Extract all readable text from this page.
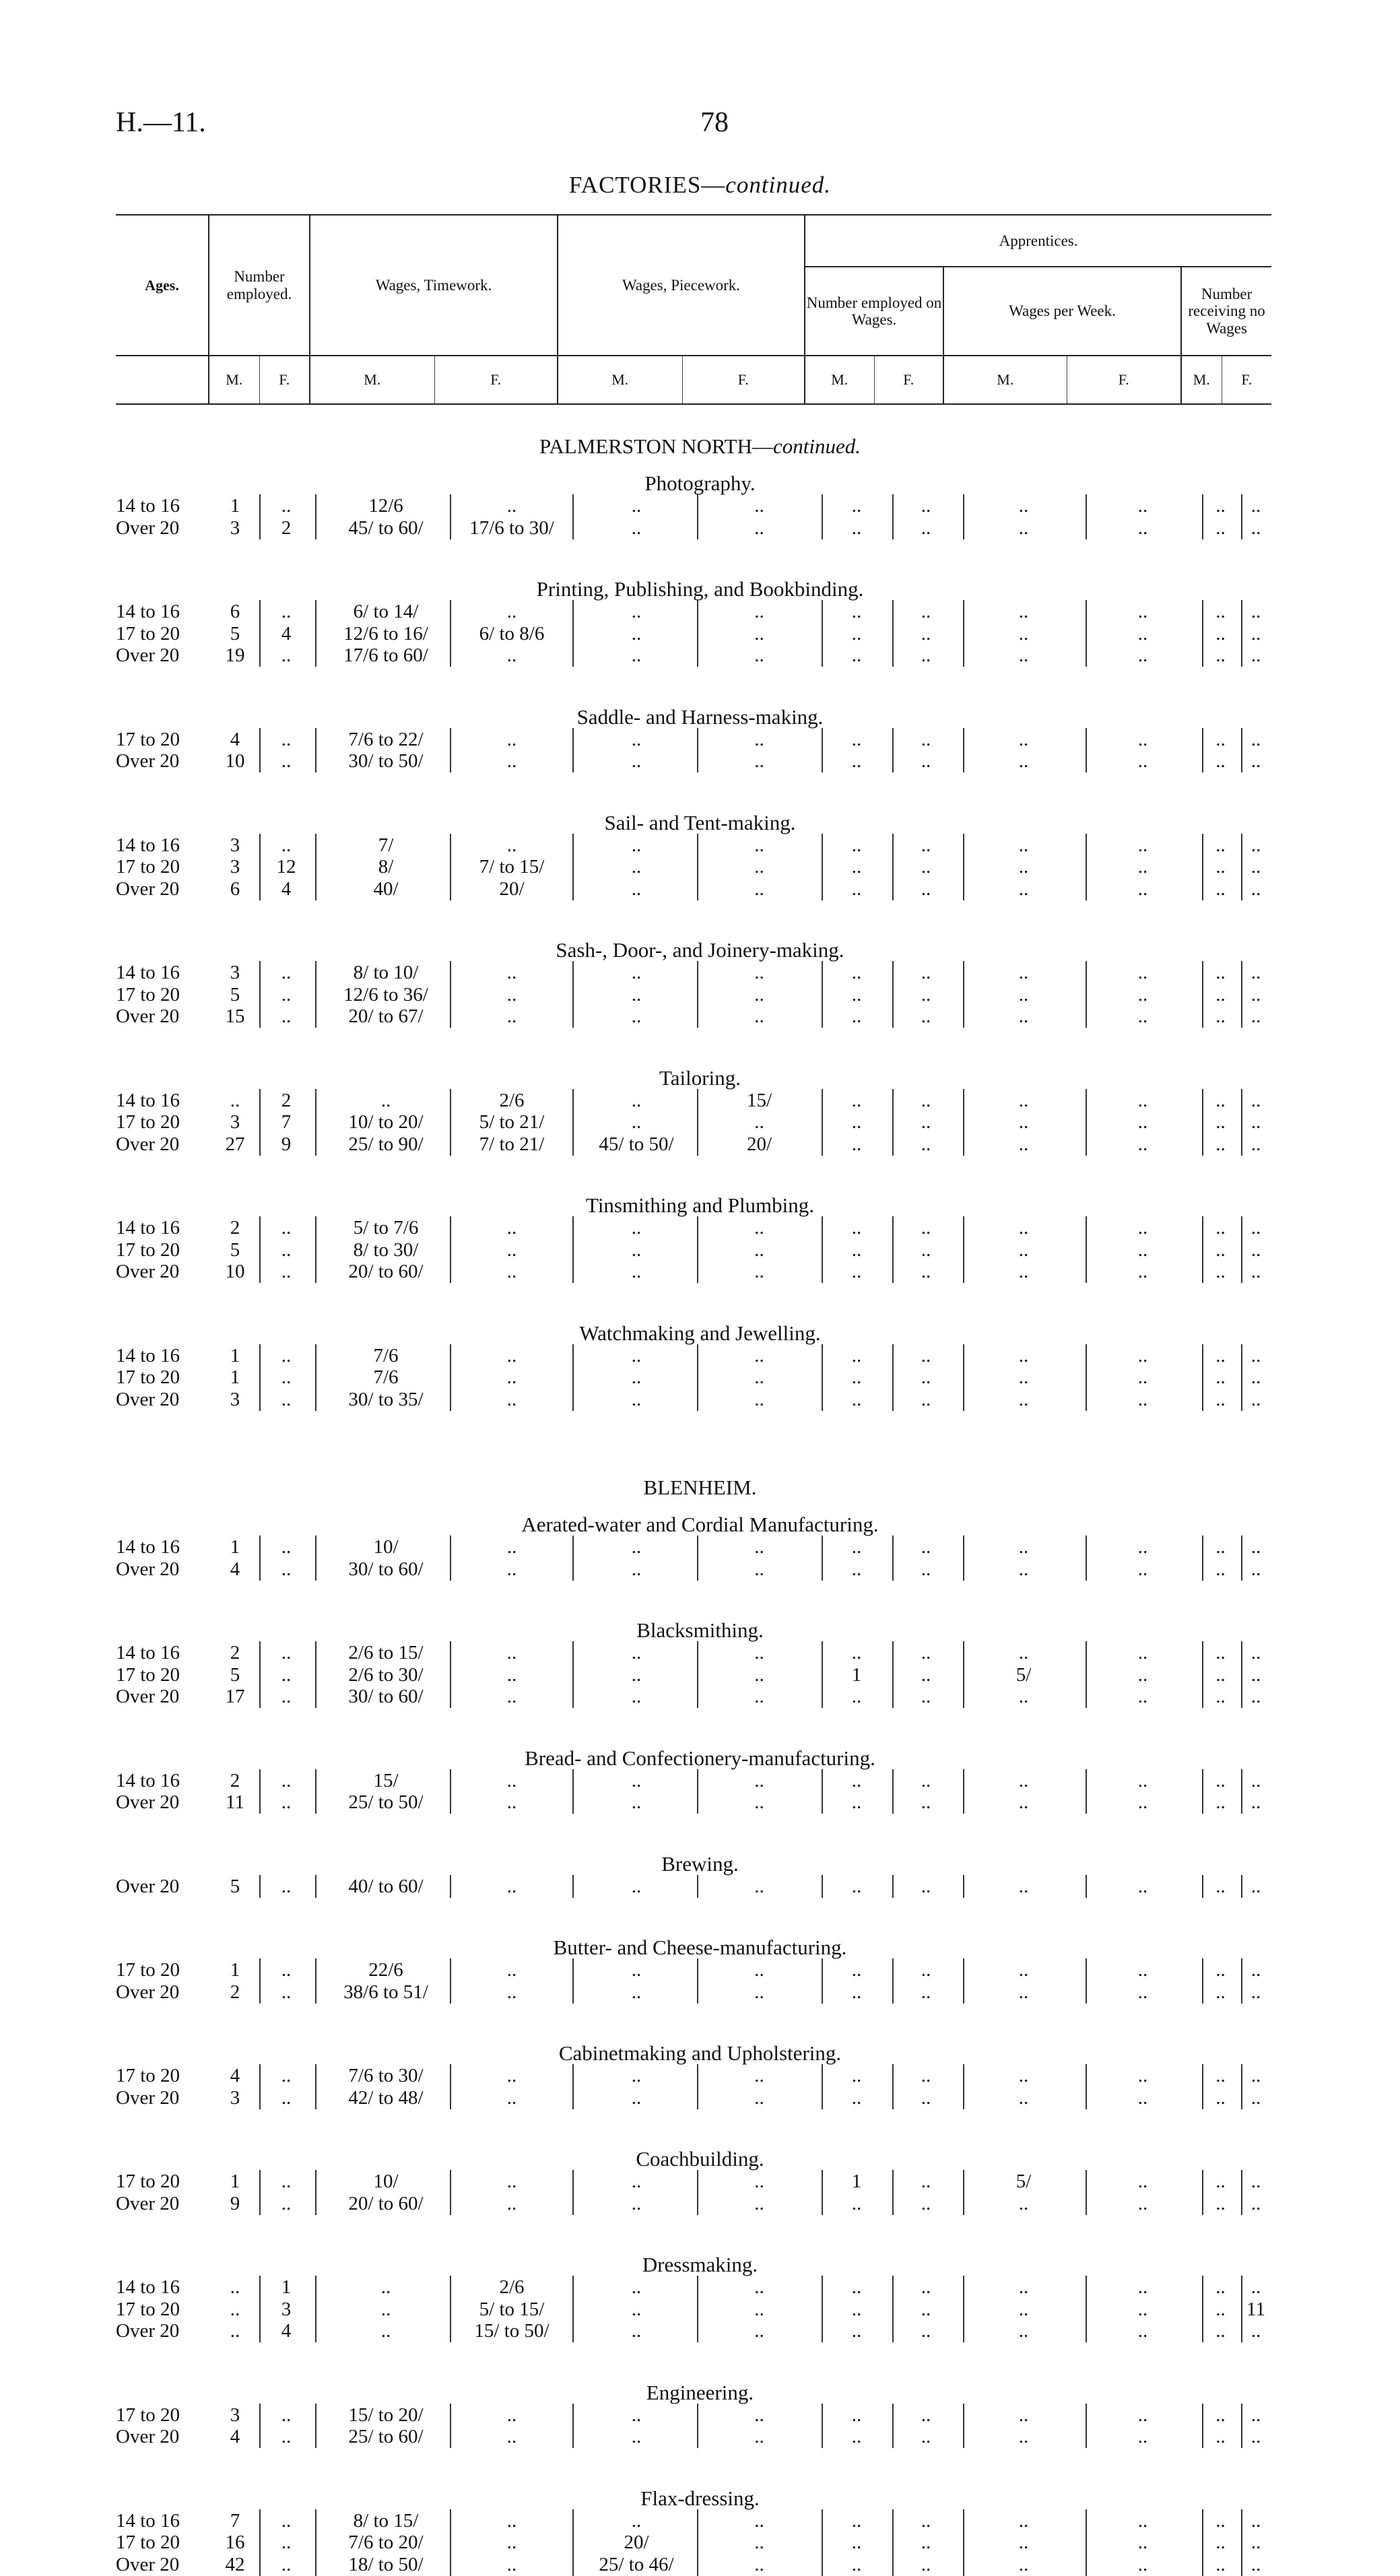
H.—11.	78
FACTORIES—continued.
Ages.	Number employed.		Wages, Timework.		Wages, Piecework.		Apprentices.					
							Number employed on Wages.		Wages per Week.		Number receiving no Wages	
	M.	F.	M.	F.	M.	F.	M.	F.	M.	F.	M.	F.
PALMERSTON NORTH—continued.
Photography.
14 to 16	1	..	12/6	..	..	..	..	..	..	..	..	..
Over 20	3	2	45/ to 60/	17/6 to 30/	..	..	..	..	..	..	..	..
Printing, Publishing, and Bookbinding.
14 to 16	6	..	6/ to 14/	..	..	..	..	..	..	..	..	..
17 to 20	5	4	12/6 to 16/	6/ to 8/6	..	..	..	..	..	..	..	..
Over 20	19	..	17/6 to 60/	..	..	..	..	..	..	..	..	..
Saddle- and Harness-making.
17 to 20	4	..	7/6 to 22/	..	..	..	..	..	..	..	..	..
Over 20	10	..	30/ to 50/	..	..	..	..	..	..	..	..	..
Sail- and Tent-making.
14 to 16	3	..	7/	..	..	..	..	..	..	..	..	..
17 to 20	3	12	8/	7/ to 15/	..	..	..	..	..	..	..	..
Over 20	6	4	40/	20/	..	..	..	..	..	..	..	..
Sash-, Door-, and Joinery-making.
14 to 16	3	..	8/ to 10/	..	..	..	..	..	..	..	..	..
17 to 20	5	..	12/6 to 36/	..	..	..	..	..	..	..	..	..
Over 20	15	..	20/ to 67/	..	..	..	..	..	..	..	..	..
Tailoring.
14 to 16	..	2	..	2/6	..	15/	..	..	..	..	..	..
17 to 20	3	7	10/ to 20/	5/ to 21/	..	..	..	..	..	..	..	..
Over 20	27	9	25/ to 90/	7/ to 21/	45/ to 50/	20/	..	..	..	..	..	..
Tinsmithing and Plumbing.
14 to 16	2	..	5/ to 7/6	..	..	..	..	..	..	..	..	..
17 to 20	5	..	8/ to 30/	..	..	..	..	..	..	..	..	..
Over 20	10	..	20/ to 60/	..	..	..	..	..	..	..	..	..
Watchmaking and Jewelling.
14 to 16	1	..	7/6	..	..	..	..	..	..	..	..	..
17 to 20	1	..	7/6	..	..	..	..	..	..	..	..	..
Over 20	3	..	30/ to 35/	..	..	..	..	..	..	..	..	..
BLENHEIM.
Aerated-water and Cordial Manufacturing.
14 to 16	1	..	10/	..	..	..	..	..	..	..	..	..
Over 20	4	..	30/ to 60/	..	..	..	..	..	..	..	..	..
Blacksmithing.
14 to 16	2	..	2/6 to 15/	..	..	..	..	..	..	..	..	..
17 to 20	5	..	2/6 to 30/	..	..	..	1	..	5/	..	..	..
Over 20	17	..	30/ to 60/	..	..	..	..	..	..	..	..	..
Bread- and Confectionery-manufacturing.
14 to 16	2	..	15/	..	..	..	..	..	..	..	..	..
Over 20	11	..	25/ to 50/	..	..	..	..	..	..	..	..	..
Brewing.
Over 20	5	..	40/ to 60/	..	..	..	..	..	..	..	..	..
Butter- and Cheese-manufacturing.
17 to 20	1	..	22/6	..	..	..	..	..	..	..	..	..
Over 20	2	..	38/6 to 51/	..	..	..	..	..	..	..	..	..
Cabinetmaking and Upholstering.
17 to 20	4	..	7/6 to 30/	..	..	..	..	..	..	..	..	..
Over 20	3	..	42/ to 48/	..	..	..	..	..	..	..	..	..
Coachbuilding.
17 to 20	1	..	10/	..	..	..	1	..	5/	..	..	..
Over 20	9	..	20/ to 60/	..	..	..	..	..	..	..	..	..
Dressmaking.
14 to 16	..	1	..	2/6	..	..	..	..	..	..	..	..
17 to 20	..	3	..	5/ to 15/	..	..	..	..	..	..	..	11
Over 20	..	4	..	15/ to 50/	..	..	..	..	..	..	..	..
Engineering.
17 to 20	3	..	15/ to 20/	..	..	..	..	..	..	..	..	..
Over 20	4	..	25/ to 60/	..	..	..	..	..	..	..	..	..
Flax-dressing.
14 to 16	7	..	8/ to 15/	..	..	..	..	..	..	..	..	..
17 to 20	16	..	7/6 to 20/	..	20/	..	..	..	..	..	..	..
Over 20	42	..	18/ to 50/	..	25/ to 46/	..	..	..	..	..	..	..
